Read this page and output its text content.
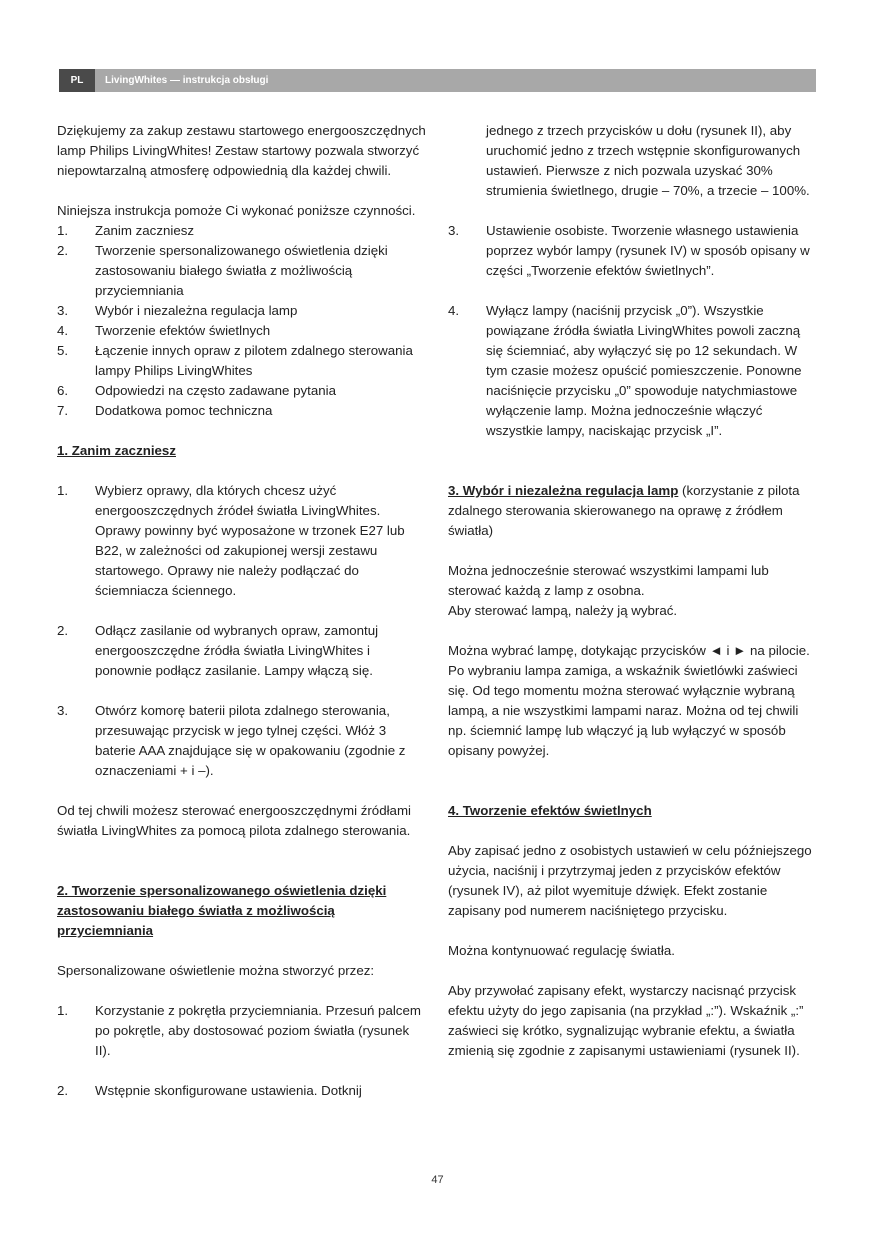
PL	LivingWhites — instrukcja obsługi

Dziękujemy za zakup zestawu startowego energooszczędnych lamp Philips LivingWhites! Zestaw startowy pozwala stworzyć niepowtarzalną atmosferę odpowiednią dla każdej chwili.

Niniejsza instrukcja pomoże Ci wykonać poniższe czynności.

1. Zanim zaczniesz
2. Tworzenie spersonalizowanego oświetlenia dzięki zastosowaniu białego światła z możliwością przyciemniania
3. Wybór i niezależna regulacja lamp
4. Tworzenie efektów świetlnych
5. Łączenie innych opraw z pilotem zdalnego sterowania lampy Philips LivingWhites
6. Odpowiedzi na często zadawane pytania
7. Dodatkowa pomoc techniczna

1. Zanim zaczniesz

1. Wybierz oprawy, dla których chcesz użyć energooszczędnych źródeł światła LivingWhites. Oprawy powinny być wyposażone w trzonek E27 lub B22, w zależności od zakupionej wersji zestawu startowego. Oprawy nie należy podłączać do ściemniacza ściennego.
2. Odłącz zasilanie od wybranych opraw, zamontuj energooszczędne źródła światła LivingWhites i ponownie podłącz zasilanie. Lampy włączą się.
3. Otwórz komorę baterii pilota zdalnego sterowania, przesuwając przycisk w jego tylnej części. Włóż 3 baterie AAA znajdujące się w opakowaniu (zgodnie z oznaczeniami + i –).

Od tej chwili możesz sterować energooszczędnymi źródłami światła LivingWhites za pomocą pilota zdalnego sterowania.

2. Tworzenie spersonalizowanego oświetlenia dzięki zastosowaniu białego światła z możliwością przyciemniania

Spersonalizowane oświetlenie można stworzyć przez:

1. Korzystanie z pokrętła przyciemniania. Przesuń palcem po pokrętle, aby dostosować poziom światła (rysunek II).
2. Wstępnie skonfigurowane ustawienia. Dotknij
jednego z trzech przycisków u dołu (rysunek II), aby uruchomić jedno z trzech wstępnie skonfigurowanych ustawień. Pierwsze z nich pozwala uzyskać 30% strumienia świetlnego, drugie – 70%, a trzecie – 100%.
3. Ustawienie osobiste. Tworzenie własnego ustawienia poprzez wybór lampy (rysunek IV) w sposób opisany w części „Tworzenie efektów świetlnych”.
4. Wyłącz lampy (naciśnij przycisk „0”). Wszystkie powiązane źródła światła LivingWhites powoli zaczną się ściemniać, aby wyłączyć się po 12 sekundach. W tym czasie możesz opuścić pomieszczenie. Ponowne naciśnięcie przycisku „0” spowoduje natychmiastowe wyłączenie lamp. Można jednocześnie włączyć wszystkie lampy, naciskając przycisk „I”.

3. Wybór i niezależna regulacja lamp (korzystanie z pilota zdalnego sterowania skierowanego na oprawę z źródłem światła)

Można jednocześnie sterować wszystkimi lampami lub sterować każdą z lamp z osobna.

Aby sterować lampą, należy ją wybrać.

Można wybrać lampę, dotykając przycisków ◄ i ► na pilocie. Po wybraniu lampa zamiga, a wskaźnik świetlówki zaświeci się. Od tego momentu można sterować wyłącznie wybraną lampą, a nie wszystkimi lampami naraz. Można od tej chwili np. ściemnić lampę lub włączyć ją lub wyłączyć w sposób opisany powyżej.

4. Tworzenie efektów świetlnych

Aby zapisać jedno z osobistych ustawień w celu późniejszego użycia, naciśnij i przytrzymaj jeden z przycisków efektów (rysunek IV), aż pilot wyemituje dźwięk. Efekt zostanie zapisany pod numerem naciśniętego przycisku.

Można kontynuować regulację światła.

Aby przywołać zapisany efekt, wystarczy nacisnąć przycisk efektu użyty do jego zapisania (na przykład „:”). Wskaźnik „:” zaświeci się krótko, sygnalizując wybranie efektu, a światła zmienią się zgodnie z zapisanymi ustawieniami (rysunek II).

47
